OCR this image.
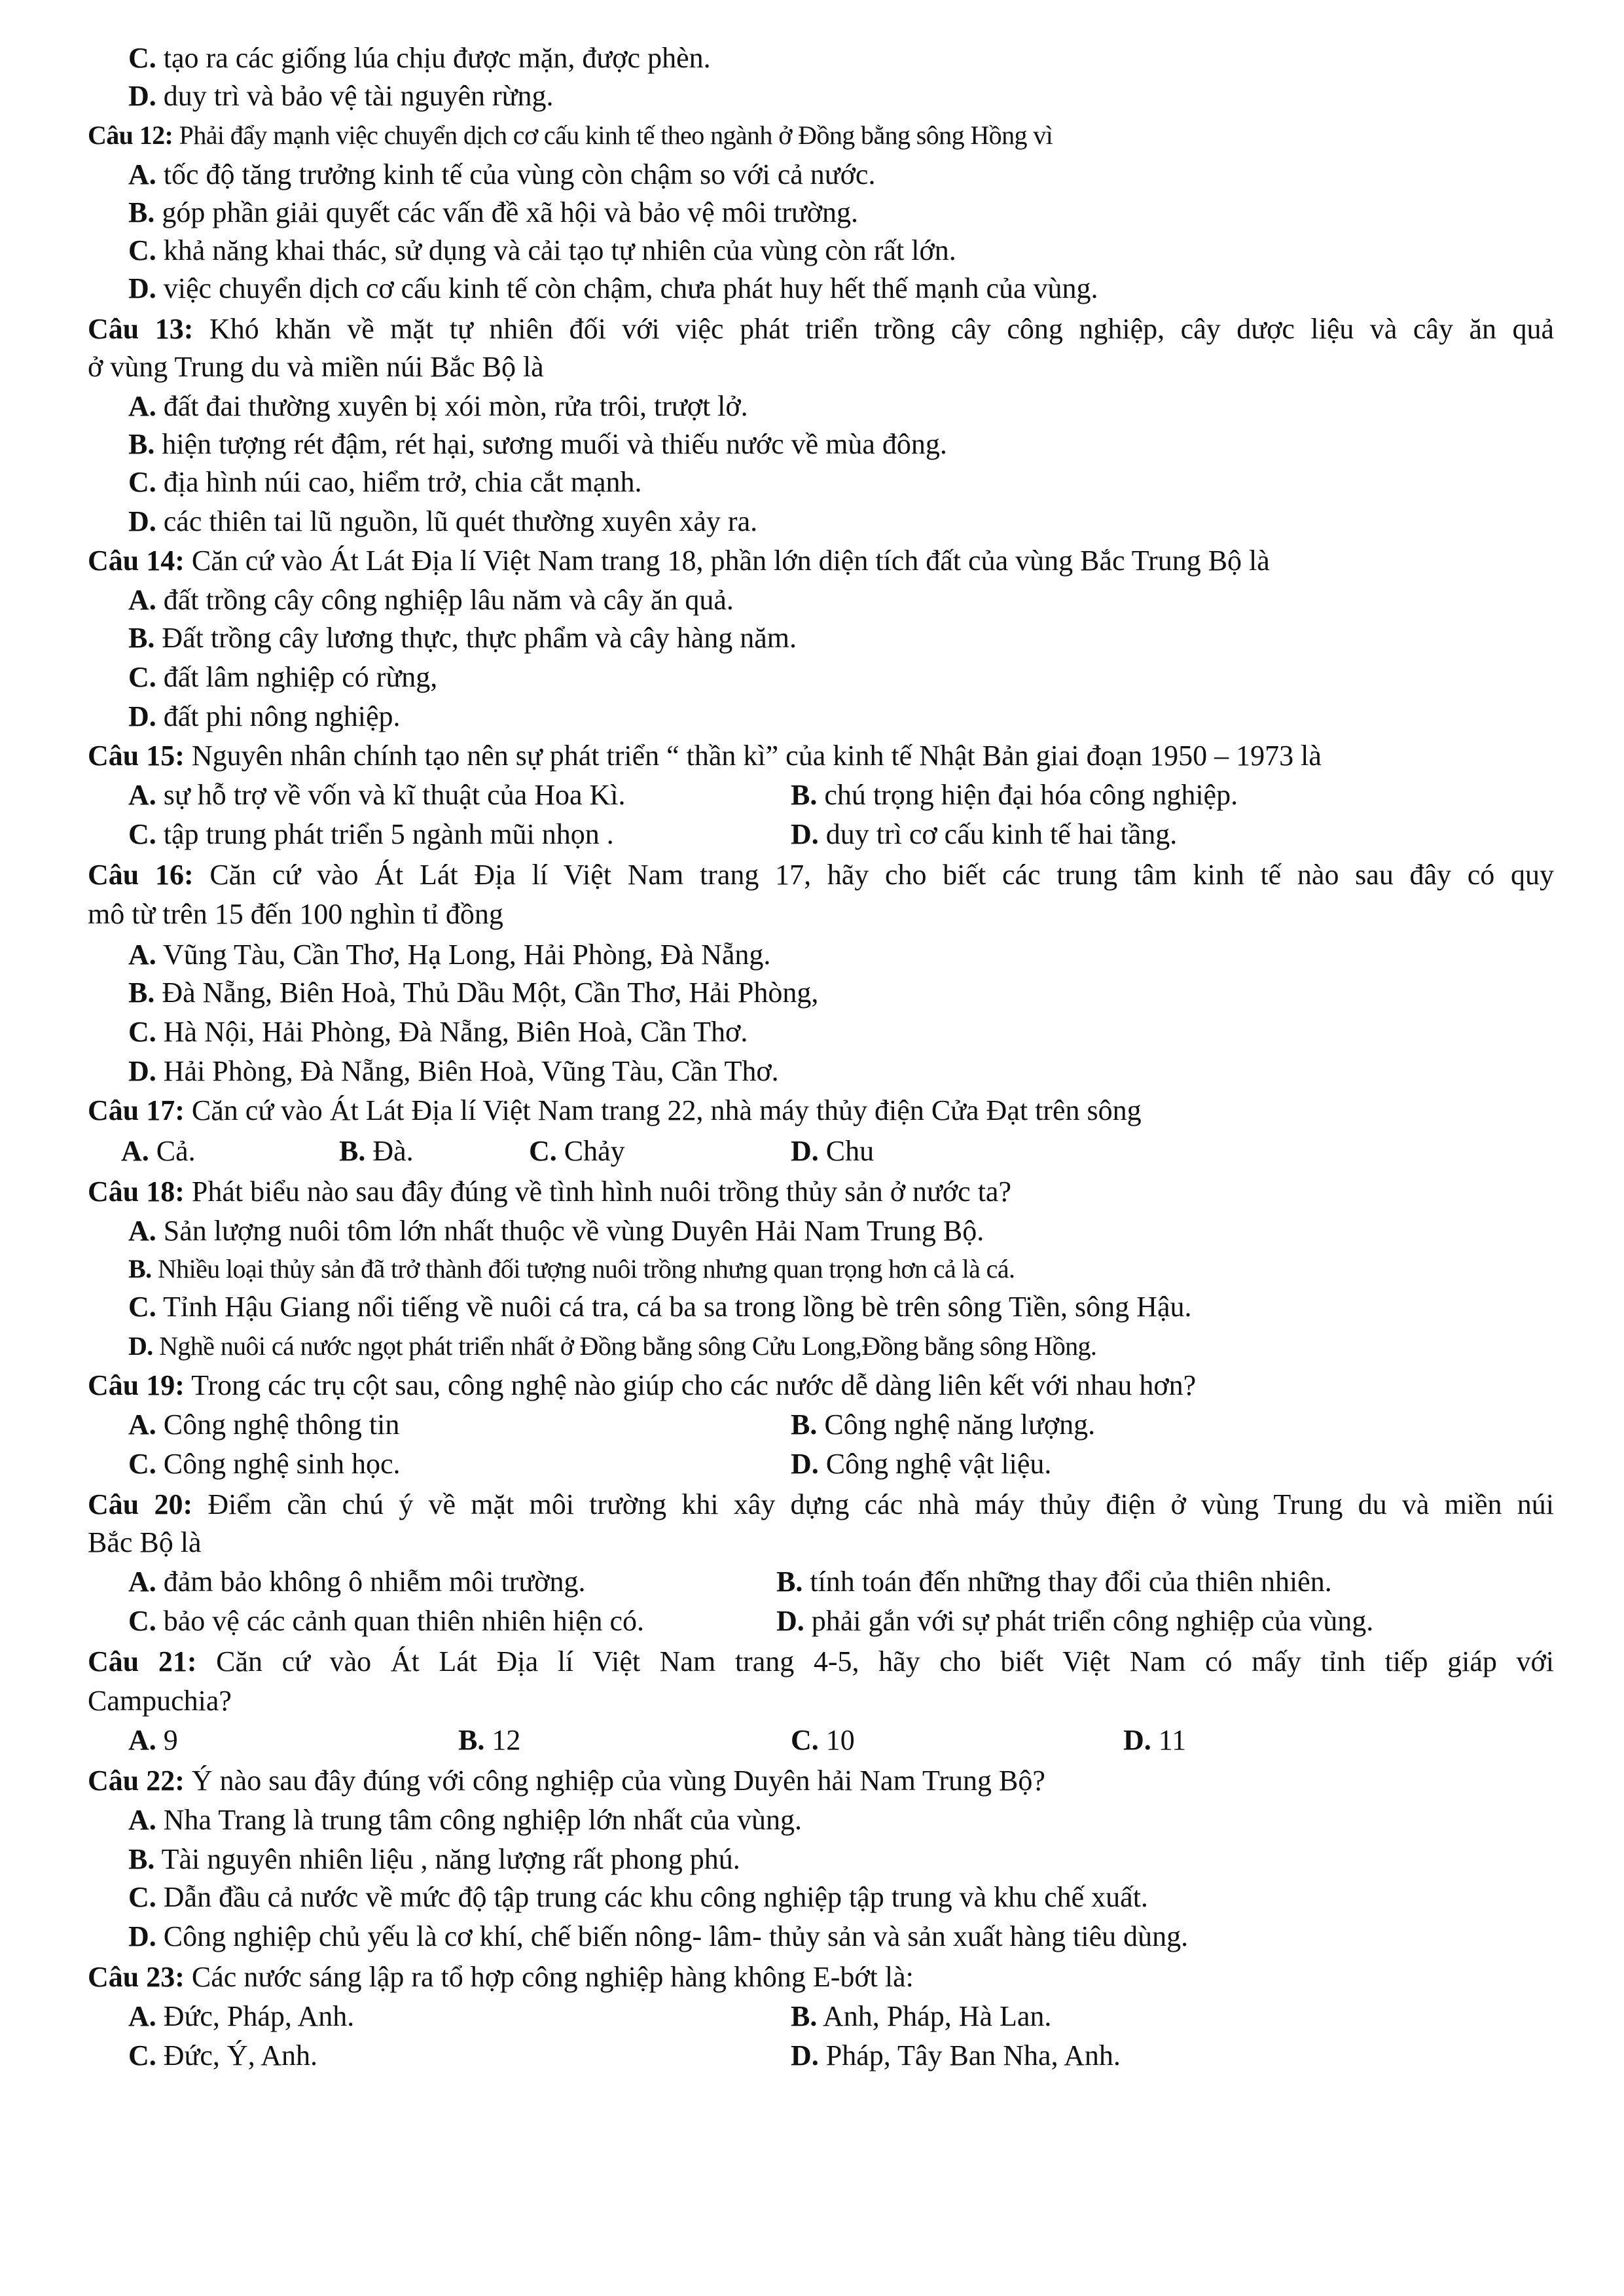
C. tạo ra các giống lúa chịu được mặn, được phèn.
D. duy trì và bảo vệ tài nguyên rừng.
Câu 12: Phải đẩy mạnh việc chuyển dịch cơ cấu kinh tế theo ngành ở Đồng bằng sông Hồng vì
A. tốc độ tăng trưởng kinh tế của vùng còn chậm so với cả nước.
B. góp phần giải quyết các vấn đề xã hội và bảo vệ môi trường.
C. khả năng khai thác, sử dụng và cải tạo tự nhiên của vùng còn rất lớn.
D. việc chuyển dịch cơ cấu kinh tế còn chậm, chưa phát huy hết thế mạnh của vùng.
Câu 13: Khó khăn về mặt tự nhiên đối với việc phát triển trồng cây công nghiệp, cây dược liệu và cây ăn quả
ở vùng Trung du và miền núi Bắc Bộ là
A. đất đai thường xuyên bị xói mòn, rửa trôi, trượt lở.
B. hiện tượng rét đậm, rét hại, sương muối và thiếu nước về mùa đông.
C. địa hình núi cao, hiểm trở, chia cắt mạnh.
D. các thiên tai lũ nguồn, lũ quét thường xuyên xảy ra.
Câu 14: Căn cứ vào Át Lát Địa lí Việt Nam trang 18, phần lớn diện tích đất của vùng Bắc Trung Bộ là
A. đất trồng cây công nghiệp lâu năm và cây ăn quả.
B. Đất trồng cây lương thực, thực phẩm và cây hàng năm.
C. đất lâm nghiệp có rừng,
D. đất phi nông nghiệp.
Câu 15: Nguyên nhân chính tạo nên sự phát triển “ thần kì” của kinh tế Nhật Bản giai đoạn 1950 – 1973 là
A. sự hỗ trợ về vốn và kĩ thuật của Hoa Kì.	B. chú trọng hiện đại hóa công nghiệp.
C. tập trung phát triển 5 ngành mũi nhọn .	D. duy trì cơ cấu kinh tế hai tầng.
Câu 16: Căn cứ vào Át Lát Địa lí Việt Nam trang 17, hãy cho biết các trung tâm kinh tế nào sau đây có quy
mô từ trên 15 đến 100 nghìn tỉ đồng
A. Vũng Tàu, Cần Thơ, Hạ Long, Hải Phòng, Đà Nẵng.
B. Đà Nẵng, Biên Hoà, Thủ Dầu Một, Cần Thơ, Hải Phòng,
C. Hà Nội, Hải Phòng, Đà Nẵng, Biên Hoà, Cần Thơ.
D. Hải Phòng, Đà Nẵng, Biên Hoà, Vũng Tàu, Cần Thơ.
Câu 17: Căn cứ vào Át Lát Địa lí Việt Nam trang 22, nhà máy thủy điện Cửa Đạt trên sông
A. Cả.	B. Đà.	C. Chảy	D. Chu
Câu 18: Phát biểu nào sau đây đúng về tình hình nuôi trồng thủy sản ở nước ta?
A. Sản lượng nuôi tôm lớn nhất thuộc về vùng Duyên Hải Nam Trung Bộ.
B. Nhiều loại thủy sản đã trở thành đối tượng nuôi trồng nhưng quan trọng hơn cả là cá.
C. Tỉnh Hậu Giang nổi tiếng về nuôi cá tra, cá ba sa trong lồng bè trên sông Tiền, sông Hậu.
D. Nghề nuôi cá nước ngọt phát triển nhất ở Đồng bằng sông Cửu Long,Đồng bằng sông Hồng.
Câu 19: Trong các trụ cột sau, công nghệ nào giúp cho các nước dễ dàng liên kết với nhau hơn?
A. Công nghệ thông tin	B. Công nghệ năng lượng.
C. Công nghệ sinh học.	D. Công nghệ vật liệu.
Câu 20: Điểm cần chú ý về mặt môi trường khi xây dựng các nhà máy thủy điện ở vùng Trung du và miền núi
Bắc Bộ là
A. đảm bảo không ô nhiễm môi trường.	B. tính toán đến những thay đổi của thiên nhiên.
C. bảo vệ các cảnh quan thiên nhiên hiện có.	D. phải gắn với sự phát triển công nghiệp của vùng.
Câu 21: Căn cứ vào Át Lát Địa lí Việt Nam trang 4-5, hãy cho biết Việt Nam có mấy tỉnh tiếp giáp với
Campuchia?
A. 9	B. 12	C. 10	D. 11
Câu 22: Ý nào sau đây đúng với công nghiệp của vùng Duyên hải Nam Trung Bộ?
A. Nha Trang là trung tâm công nghiệp lớn nhất của vùng.
B. Tài nguyên nhiên liệu , năng lượng rất phong phú.
C. Dẫn đầu cả nước về mức độ tập trung các khu công nghiệp tập trung và khu chế xuất.
D. Công nghiệp chủ yếu là cơ khí, chế biến nông- lâm- thủy sản và sản xuất hàng tiêu dùng.
Câu 23: Các nước sáng lập ra tổ hợp công nghiệp hàng không E-bớt là:
A. Đức, Pháp, Anh.	B. Anh, Pháp, Hà Lan.
C. Đức, Ý, Anh.	D. Pháp, Tây Ban Nha, Anh.
